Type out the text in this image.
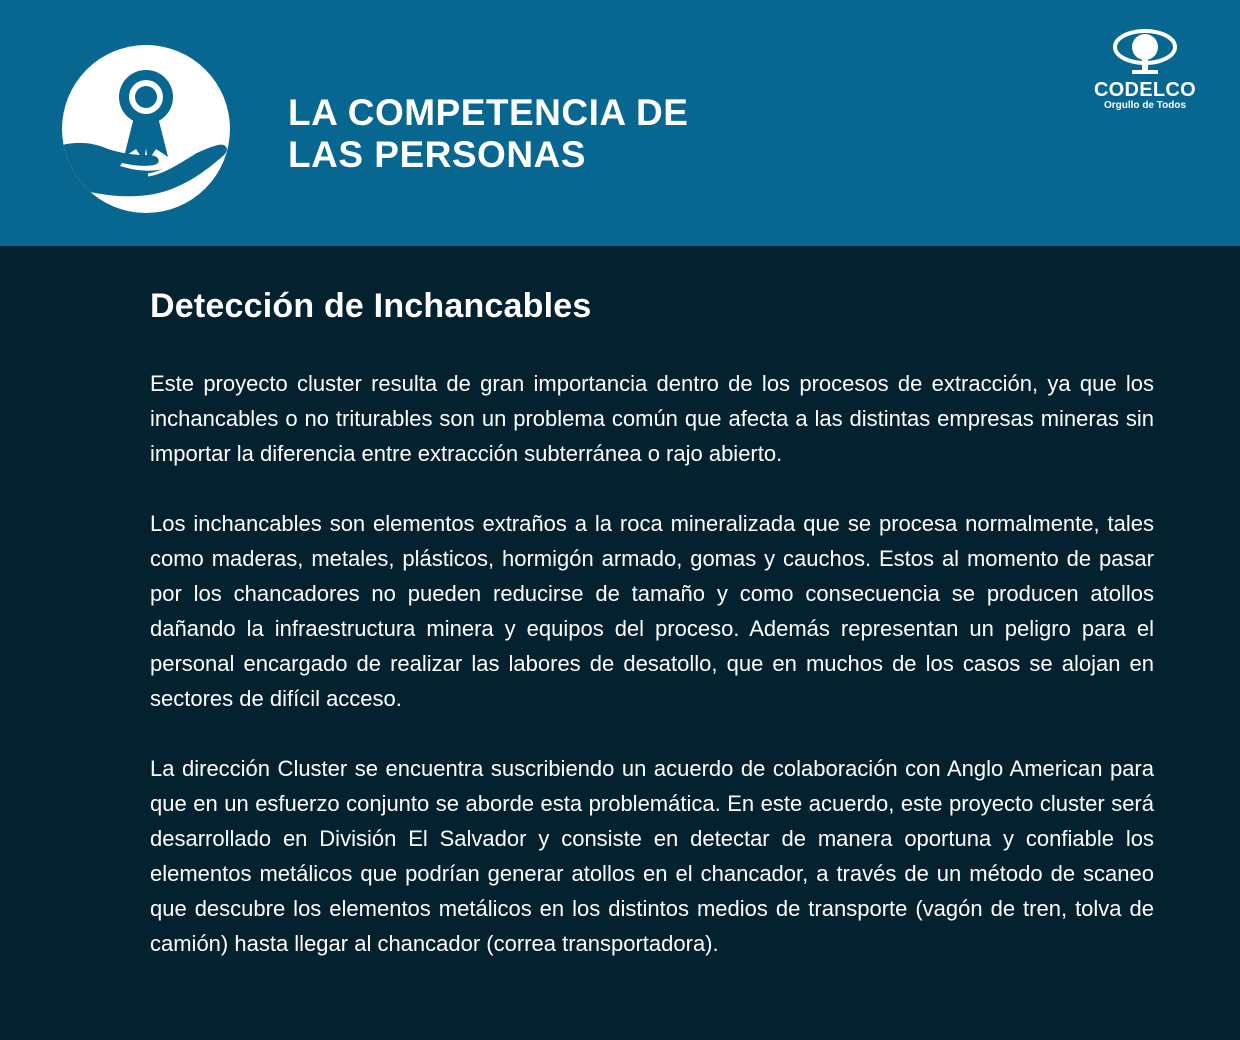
LA COMPETENCIA DE
LAS PERSONAS
CODELCO
Orgullo de Todos
Detección de Inchancables

Este proyecto cluster resulta de gran importancia dentro de los procesos de extracción, ya que los inchancables o no triturables son un problema común que afecta a las distintas empresas mineras sin importar la diferencia entre extracción subterránea o rajo abierto.

Los inchancables son elementos extraños a la roca mineralizada que se procesa normalmente, tales como maderas, metales, plásticos, hormigón armado, gomas y cauchos. Estos al momento de pasar por los chancadores no pueden reducirse de tamaño y como consecuencia se producen atollos dañando la infraestructura minera y equipos del proceso. Además representan un peligro para el personal encargado de realizar las labores de desatollo, que en muchos de los casos se alojan en sectores de difícil acceso.

La dirección Cluster se encuentra suscribiendo un acuerdo de colaboración con Anglo American para que en un esfuerzo conjunto se aborde esta problemática. En este acuerdo, este proyecto cluster será desarrollado en División El Salvador y consiste en detectar de manera oportuna y confiable los elementos metálicos que podrían generar atollos en el chancador, a través de un método de scaneo que descubre los elementos metálicos en los distintos medios de transporte (vagón de tren, tolva de camión) hasta llegar al chancador (correa transportadora).
